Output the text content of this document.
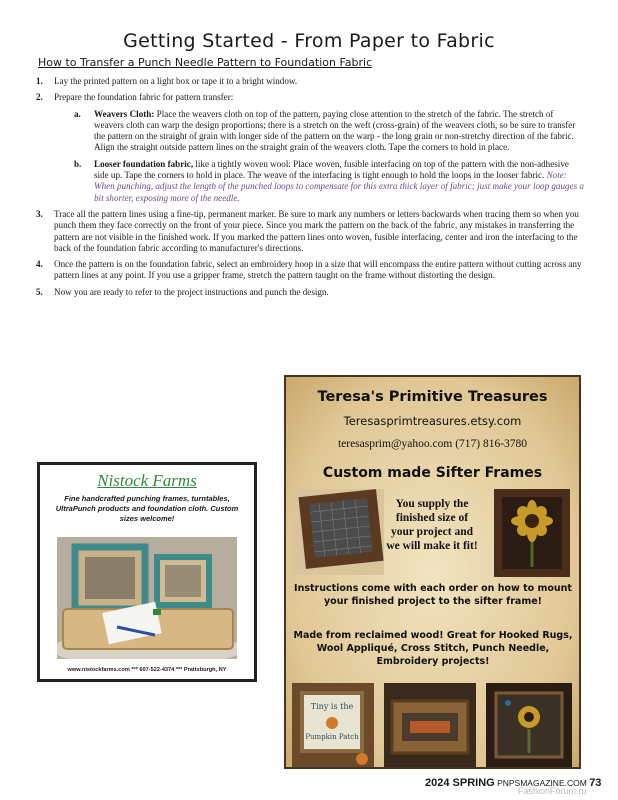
Getting Started - From Paper to Fabric
How to Transfer a Punch Needle Pattern to Foundation Fabric
1. Lay the printed pattern on a light box or tape it to a bright window.
2. Prepare the foundation fabric for pattern transfer:
a. Weavers Cloth: Place the weavers cloth on top of the pattern, paying close attention to the stretch of the fabric. The stretch of weavers cloth can warp the design proportions; there is a stretch on the weft (cross-grain) of the weavers cloth, so be sure to transfer the pattern on the straight of grain with longer side of the pattern on the warp - the long grain or non-stretchy direction of the fabric. Align the straight outside pattern lines on the straight grain of the weavers cloth. Tape the corners to hold in place.
b. Looser foundation fabric, like a tightly woven wool: Place woven, fusible interfacing on top of the pattern with the non-adhesive side up. Tape the corners to hold in place. The weave of the interfacing is tight enough to hold the loops in the looser fabric. Note: When punching, adjust the length of the punched loops to compensate for this extra thick layer of fabric; just make your loop gauges a bit shorter, exposing more of the needle.
3. Trace all the pattern lines using a fine-tip, permanent marker. Be sure to mark any numbers or letters backwards when tracing them so when you punch them they face correctly on the front of your piece. Since you mark the pattern on the back of the fabric, any mistakes in transferring the pattern are not visible in the finished work. If you marked the pattern lines onto woven, fusible interfacing, center and iron the interfacing to the back of the foundation fabric according to manufacturer's directions.
4. Once the pattern is on the foundation fabric, select an embroidery hoop in a size that will encompass the entire pattern without cutting across any pattern lines at any point. If you use a gripper frame, stretch the pattern taught on the frame without distorting the design.
5. Now you are ready to refer to the project instructions and punch the design.
Nistock Farms
Fine handcrafted punching frames, turntables, UltraPunch products and foundation cloth. Custom sizes welcome!
www.nistockfarms.com *** 607-522-4374 *** Prattsburgh, NY
Teresa's Primitive Treasures
Teresasprimtreasures.etsy.com
teresasprim@yahoo.com (717) 816-3780
Custom made Sifter Frames
You supply the finished size of your project and we will make it fit!
Instructions come with each order on how to mount your finished project to the sifter frame!
Made from reclaimed wood! Great for Hooked Rugs, Wool Appliqué, Cross Stitch, Punch Needle, Embroidery projects!
Tiny is the
Pumpkin Patch
2024 SPRING PNPSMAGAZINE.COM 73
FashionForum.ru
